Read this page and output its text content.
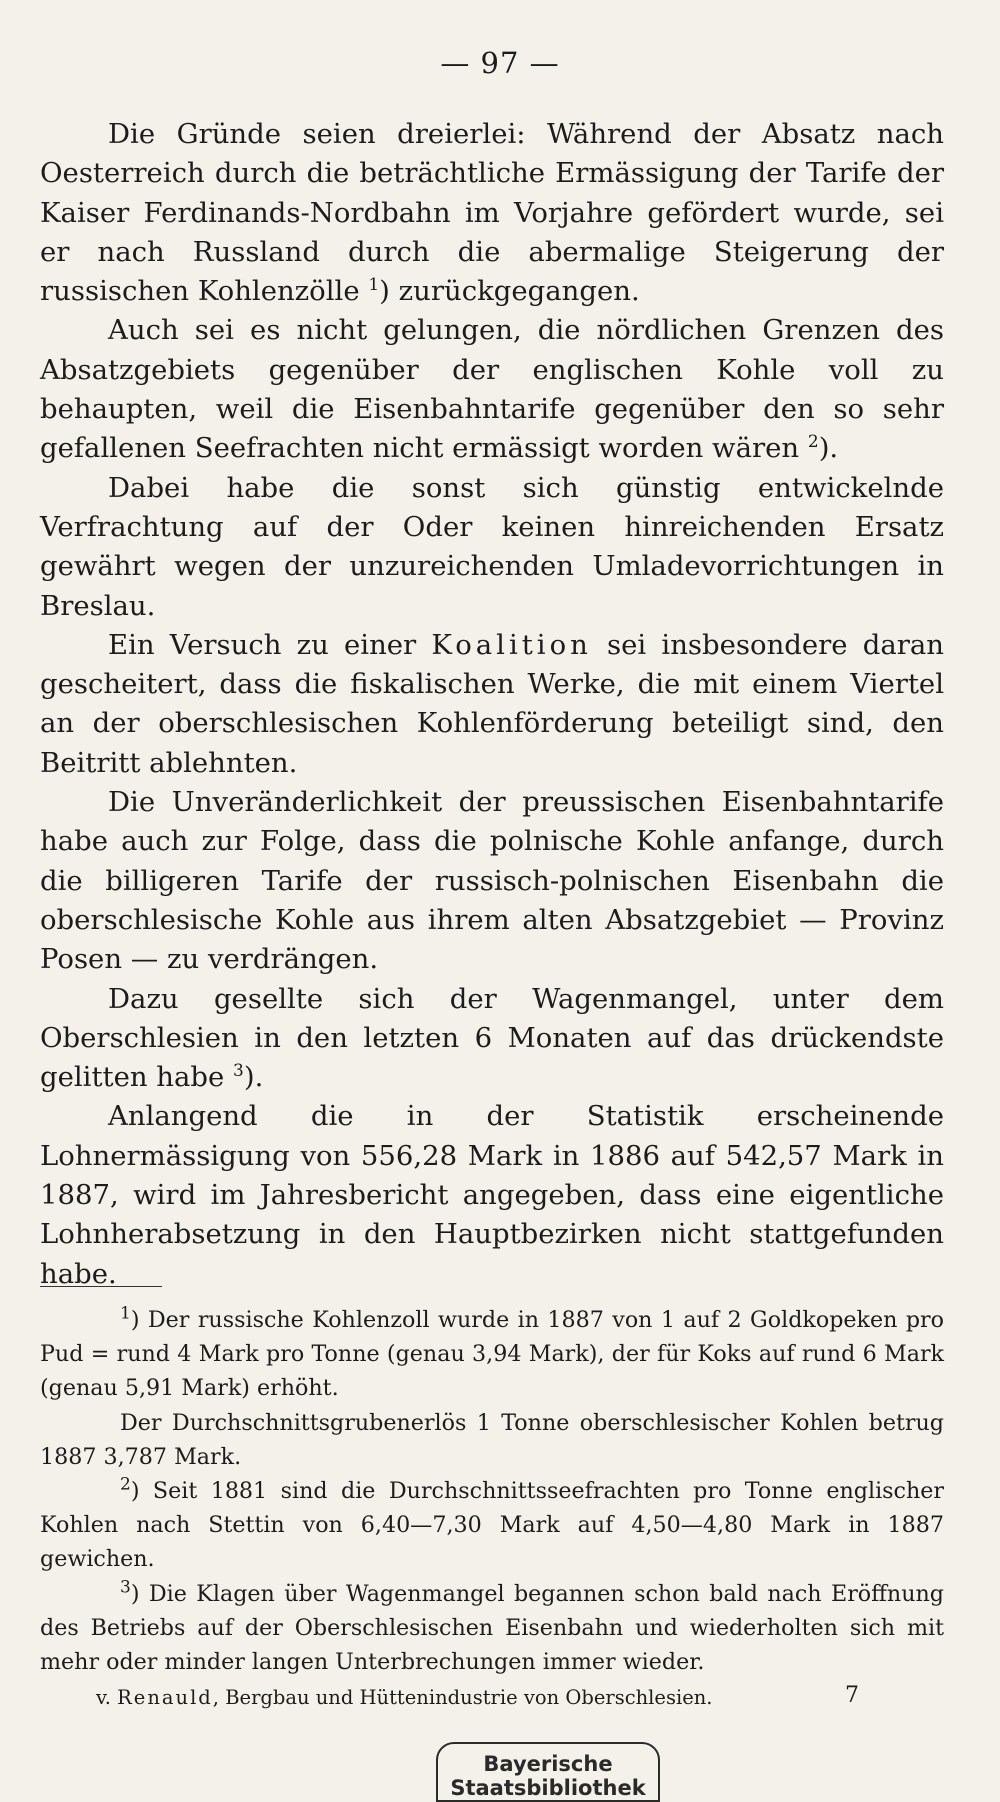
— 97 —

Die Gründe seien dreierlei: Während der Absatz nach Oesterreich durch die beträchtliche Ermässigung der Tarife der Kaiser Ferdinands-Nordbahn im Vorjahre gefördert wurde, sei er nach Russland durch die abermalige Steigerung der russischen Kohlenzölle $^1$) zurückgegangen.

Auch sei es nicht gelungen, die nördlichen Grenzen des Absatzgebiets gegenüber der englischen Kohle voll zu behaupten, weil die Eisenbahntarife gegenüber den so sehr gefallenen Seefrachten nicht ermässigt worden wären $^2$).

Dabei habe die sonst sich günstig entwickelnde Verfrachtung auf der Oder keinen hinreichenden Ersatz gewährt wegen der unzureichenden Umladevorrichtungen in Breslau.

Ein Versuch zu einer Koalition sei insbesondere daran gescheitert, dass die fiskalischen Werke, die mit einem Viertel an der oberschlesischen Kohlenförderung beteiligt sind, den Beitritt ablehnten.

Die Unveränderlichkeit der preussischen Eisenbahntarife habe auch zur Folge, dass die polnische Kohle anfange, durch die billigeren Tarife der russisch-polnischen Eisenbahn die oberschlesische Kohle aus ihrem alten Absatzgebiet — Provinz Posen — zu verdrängen.

Dazu gesellte sich der Wagenmangel, unter dem Oberschlesien in den letzten 6 Monaten auf das drückendste gelitten habe $^3$).

Anlangend die in der Statistik erscheinende Lohnermässigung von 556,28 Mark in 1886 auf 542,57 Mark in 1887, wird im Jahresbericht angegeben, dass eine eigentliche Lohnherabsetzung in den Hauptbezirken nicht stattgefunden habe.

$^1$) Der russische Kohlenzoll wurde in 1887 von 1 auf 2 Goldkopeken pro Pud = rund 4 Mark pro Tonne (genau 3,94 Mark), der für Koks auf rund 6 Mark (genau 5,91 Mark) erhöht.

Der Durchschnittsgrubenerlös 1 Tonne oberschlesischer Kohlen betrug 1887 3,787 Mark.

$^2$) Seit 1881 sind die Durchschnittsseefrachten pro Tonne englischer Kohlen nach Stettin von 6,40—7,30 Mark auf 4,50—4,80 Mark in 1887 gewichen.

$^3$) Die Klagen über Wagenmangel begannen schon bald nach Eröffnung des Betriebs auf der Oberschlesischen Eisenbahn und wiederholten sich mit mehr oder minder langen Unterbrechungen immer wieder.

v. Renauld, Bergbau und Hüttenindustrie von Oberschlesien.	7
Bayerische
Staatsbibliothek
